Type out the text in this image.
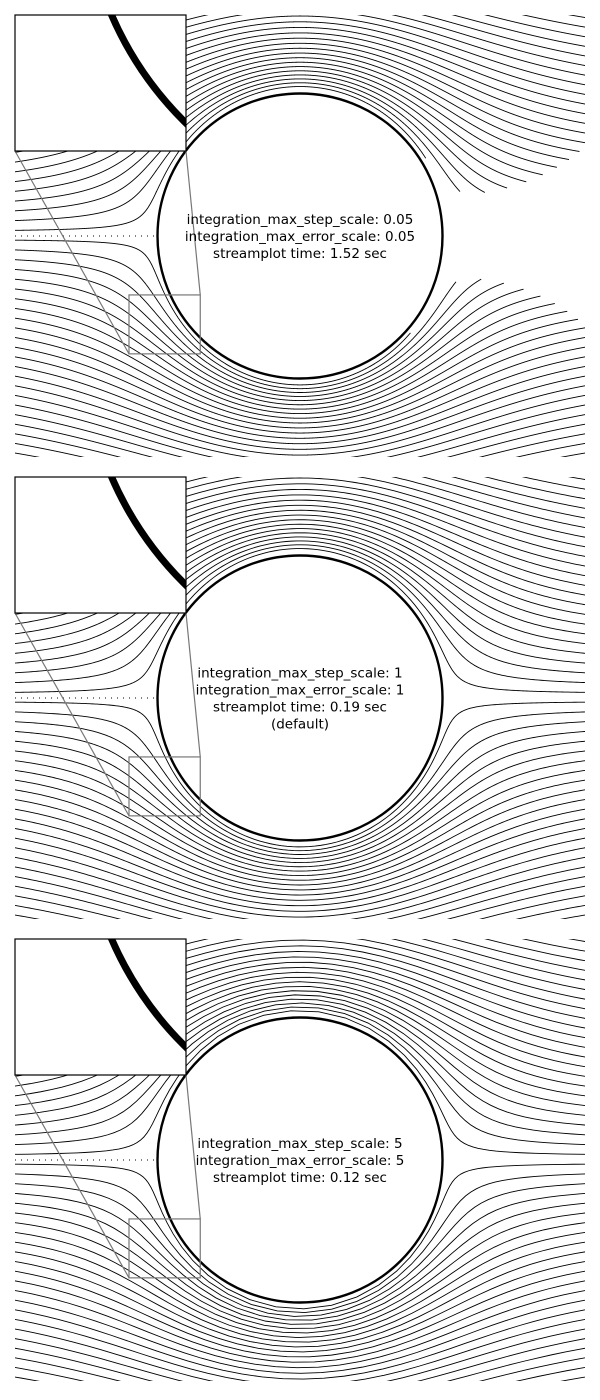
integration_max_step_scale: 0.05
integration_max_error_scale: 0.05
streamplot time: 1.52 sec
integration_max_step_scale: 1
integration_max_error_scale: 1
streamplot time: 0.19 sec
(default)
integration_max_step_scale: 5
integration_max_error_scale: 5
streamplot time: 0.12 sec
